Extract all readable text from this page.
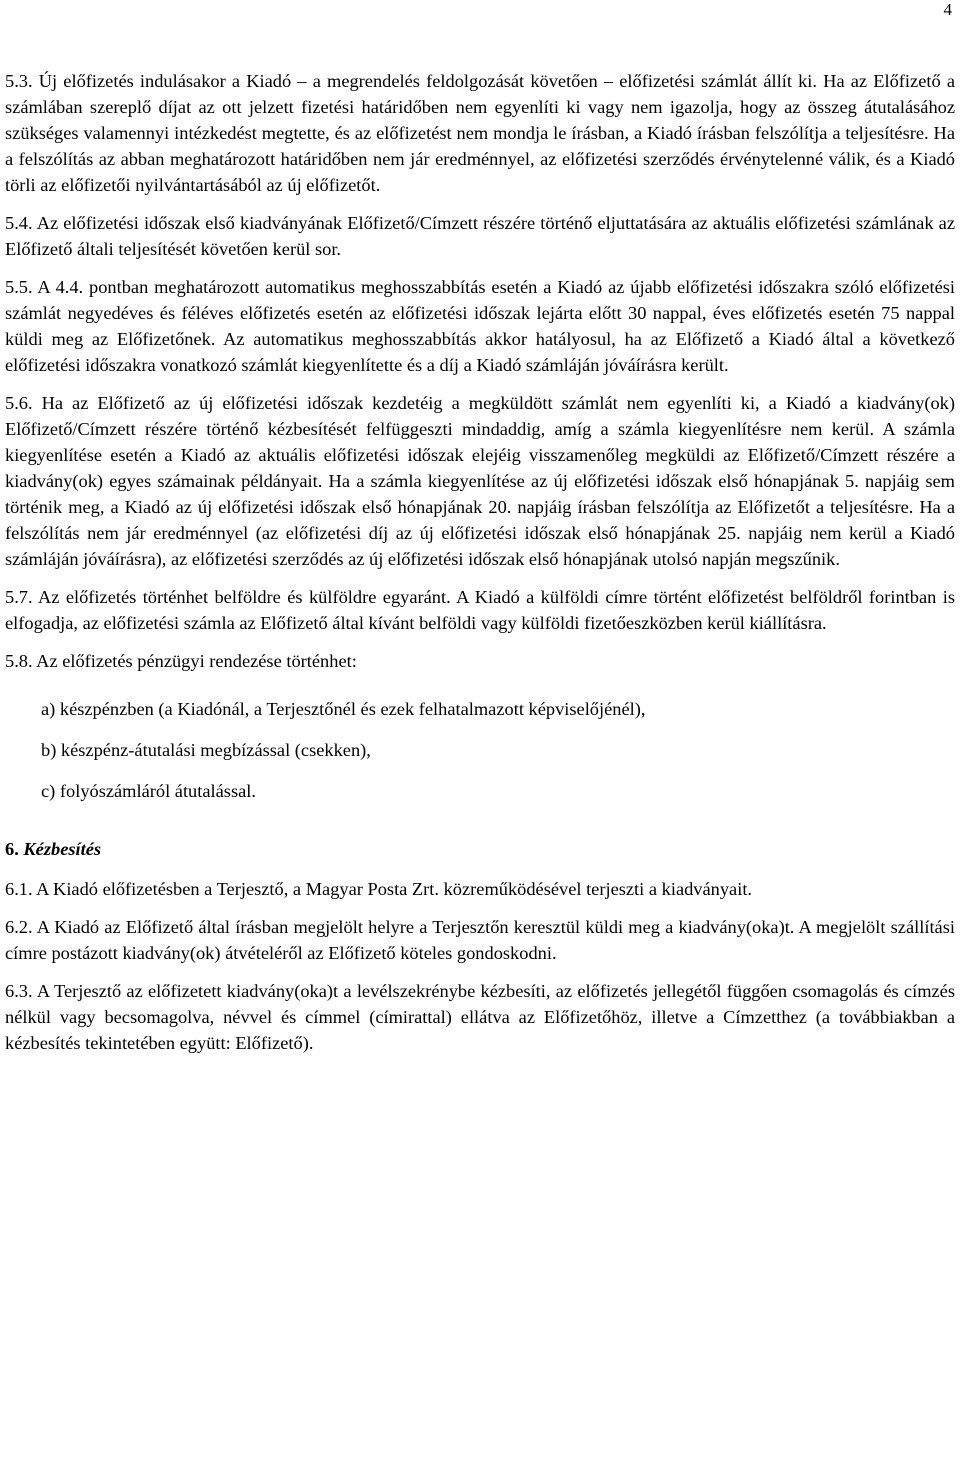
4

5.3. Új előfizetés indulásakor a Kiadó – a megrendelés feldolgozását követően – előfizetési számlát állít ki. Ha az Előfizető a számlában szereplő díjat az ott jelzett fizetési határidőben nem egyenlíti ki vagy nem igazolja, hogy az összeg átutalásához szükséges valamennyi intézkedést megtette, és az előfizetést nem mondja le írásban, a Kiadó írásban felszólítja a teljesítésre. Ha a felszólítás az abban meghatározott határidőben nem jár eredménnyel, az előfizetési szerződés érvénytelenné válik, és a Kiadó törli az előfizetői nyilvántartásából az új előfizetőt.

5.4. Az előfizetési időszak első kiadványának Előfizető/Címzett részére történő eljuttatására az aktuális előfizetési számlának az Előfizető általi teljesítését követően kerül sor.

5.5. A 4.4. pontban meghatározott automatikus meghosszabbítás esetén a Kiadó az újabb előfizetési időszakra szóló előfizetési számlát negyedéves és féléves előfizetés esetén az előfizetési időszak lejárta előtt 30 nappal, éves előfizetés esetén 75 nappal küldi meg az Előfizetőnek. Az automatikus meghosszabbítás akkor hatályosul, ha az Előfizető a Kiadó által a következő előfizetési időszakra vonatkozó számlát kiegyenlítette és a díj a Kiadó számláján jóváírásra került.

5.6. Ha az Előfizető az új előfizetési időszak kezdetéig a megküldött számlát nem egyenlíti ki, a Kiadó a kiadvány(ok) Előfizető/Címzett részére történő kézbesítését felfüggeszti mindaddig, amíg a számla kiegyenlítésre nem kerül. A számla kiegyenlítése esetén a Kiadó az aktuális előfizetési időszak elejéig visszamenőleg megküldi az Előfizető/Címzett részére a kiadvány(ok) egyes számainak példányait. Ha a számla kiegyenlítése az új előfizetési időszak első hónapjának 5. napjáig sem történik meg, a Kiadó az új előfizetési időszak első hónapjának 20. napjáig írásban felszólítja az Előfizetőt a teljesítésre. Ha a felszólítás nem jár eredménnyel (az előfizetési díj az új előfizetési időszak első hónapjának 25. napjáig nem kerül a Kiadó számláján jóváírásra), az előfizetési szerződés az új előfizetési időszak első hónapjának utolsó napján megszűnik.

5.7. Az előfizetés történhet belföldre és külföldre egyaránt. A Kiadó a külföldi címre történt előfizetést belföldről forintban is elfogadja, az előfizetési számla az Előfizető által kívánt belföldi vagy külföldi fizetőeszközben kerül kiállításra.

5.8. Az előfizetés pénzügyi rendezése történhet:

a) készpénzben (a Kiadónál, a Terjesztőnél és ezek felhatalmazott képviselőjénél),
b) készpénz-átutalási megbízással (csekken),
c) folyószámláról átutalással.
6. Kézbesítés

6.1. A Kiadó előfizetésben a Terjesztő, a Magyar Posta Zrt. közreműködésével terjeszti a kiadványait.

6.2. A Kiadó az Előfizető által írásban megjelölt helyre a Terjesztőn keresztül küldi meg a kiadvány(oka)t. A megjelölt szállítási címre postázott kiadvány(ok) átvételéről az Előfizető köteles gondoskodni.

6.3. A Terjesztő az előfizetett kiadvány(oka)t a levélszekrénybe kézbesíti, az előfizetés jellegétől függően csomagolás és címzés nélkül vagy becsomagolva, névvel és címmel (címirattal) ellátva az Előfizetőhöz, illetve a Címzetthez (a továbbiakban a kézbesítés tekintetében együtt: Előfizető).
